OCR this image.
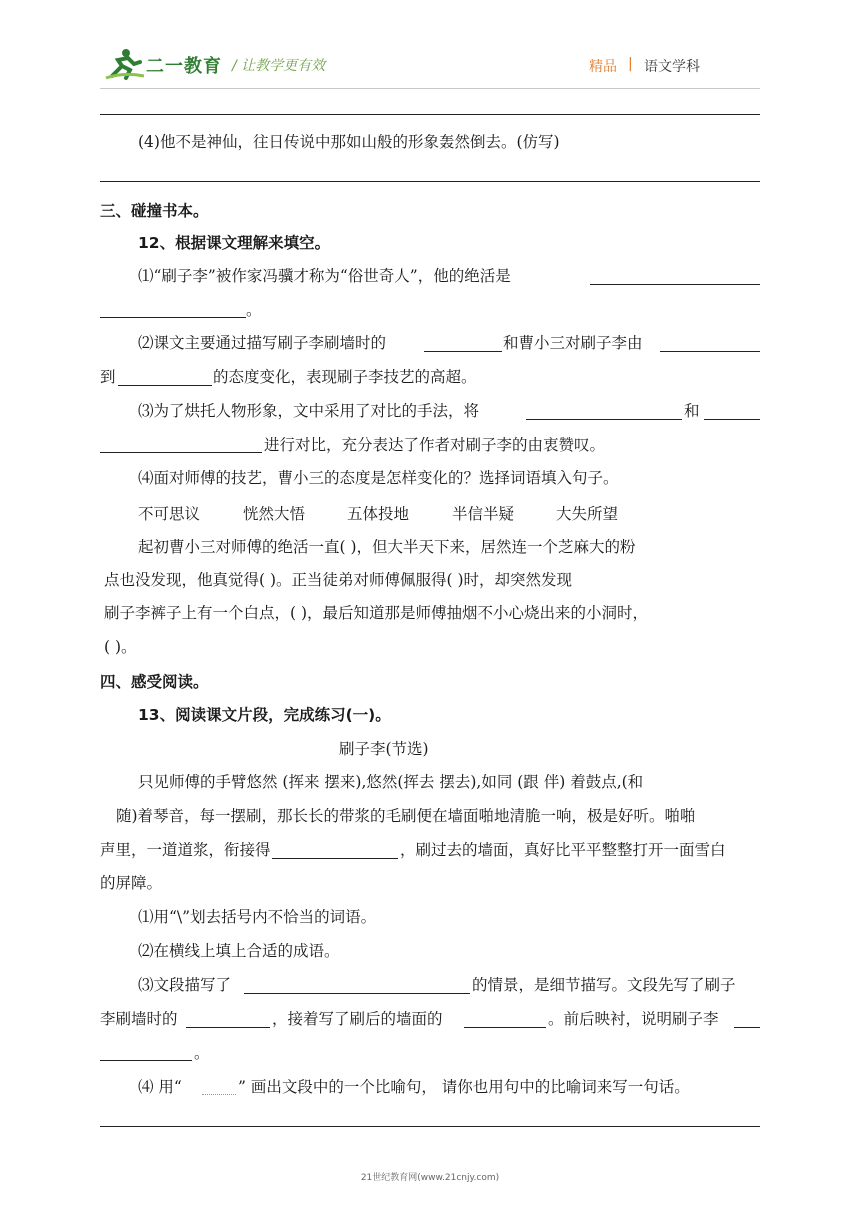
二一教育 / 让教学更有效	精品 | 语文学科
(4)他不是神仙，往日传说中那如山般的形象轰然倒去。(仿写)
三、碰撞书本。
12、根据课文理解来填空。
⑴“刷子李”被作家冯骥才称为“俗世奇人”，他的绝活是
。
⑵课文主要通过描写刷子李刷墙时的	和曹小三对刷子李由
到	的态度变化，表现刷子李技艺的高超。
⑶为了烘托人物形象，文中采用了对比的手法，将	和
进行对比，充分表达了作者对刷子李的由衷赞叹。
⑷面对师傅的技艺，曹小三的态度是怎样变化的？选择词语填入句子。
不可思议	恍然大悟	五体投地	半信半疑	大失所望
起初曹小三对师傅的绝活一直( )，但大半天下来，居然连一个芝麻大的粉
点也没发现，他真觉得( )。正当徒弟对师傅佩服得( )时，却突然发现
刷子李裤子上有一个白点，( )，最后知道那是师傅抽烟不小心烧出来的小洞时，
( )。
四、感受阅读。
13、阅读课文片段，完成练习(一)。
刷子李(节选)
只见师傅的手臂悠然 (挥来 摆来),悠然(挥去 摆去),如同 (跟 伴) 着鼓点,(和
随)着琴音，每一摆刷，那长长的带浆的毛刷便在墙面啪地清脆一响，极是好听。啪啪
声里，一道道浆，衔接得	，刷过去的墙面，真好比平平整整打开一面雪白
的屏障。
⑴用“\”划去括号内不恰当的词语。
⑵在横线上填上合适的成语。
⑶文段描写了	的情景，是细节描写。文段先写了刷子
李刷墙时的	，接着写了刷后的墙面的	。前后映衬，说明刷子李
。
⑷ 用“	” 画出文段中的一个比喻句， 请你也用句中的比喻词来写一句话。
21世纪教育网(www.21cnjy.com)
